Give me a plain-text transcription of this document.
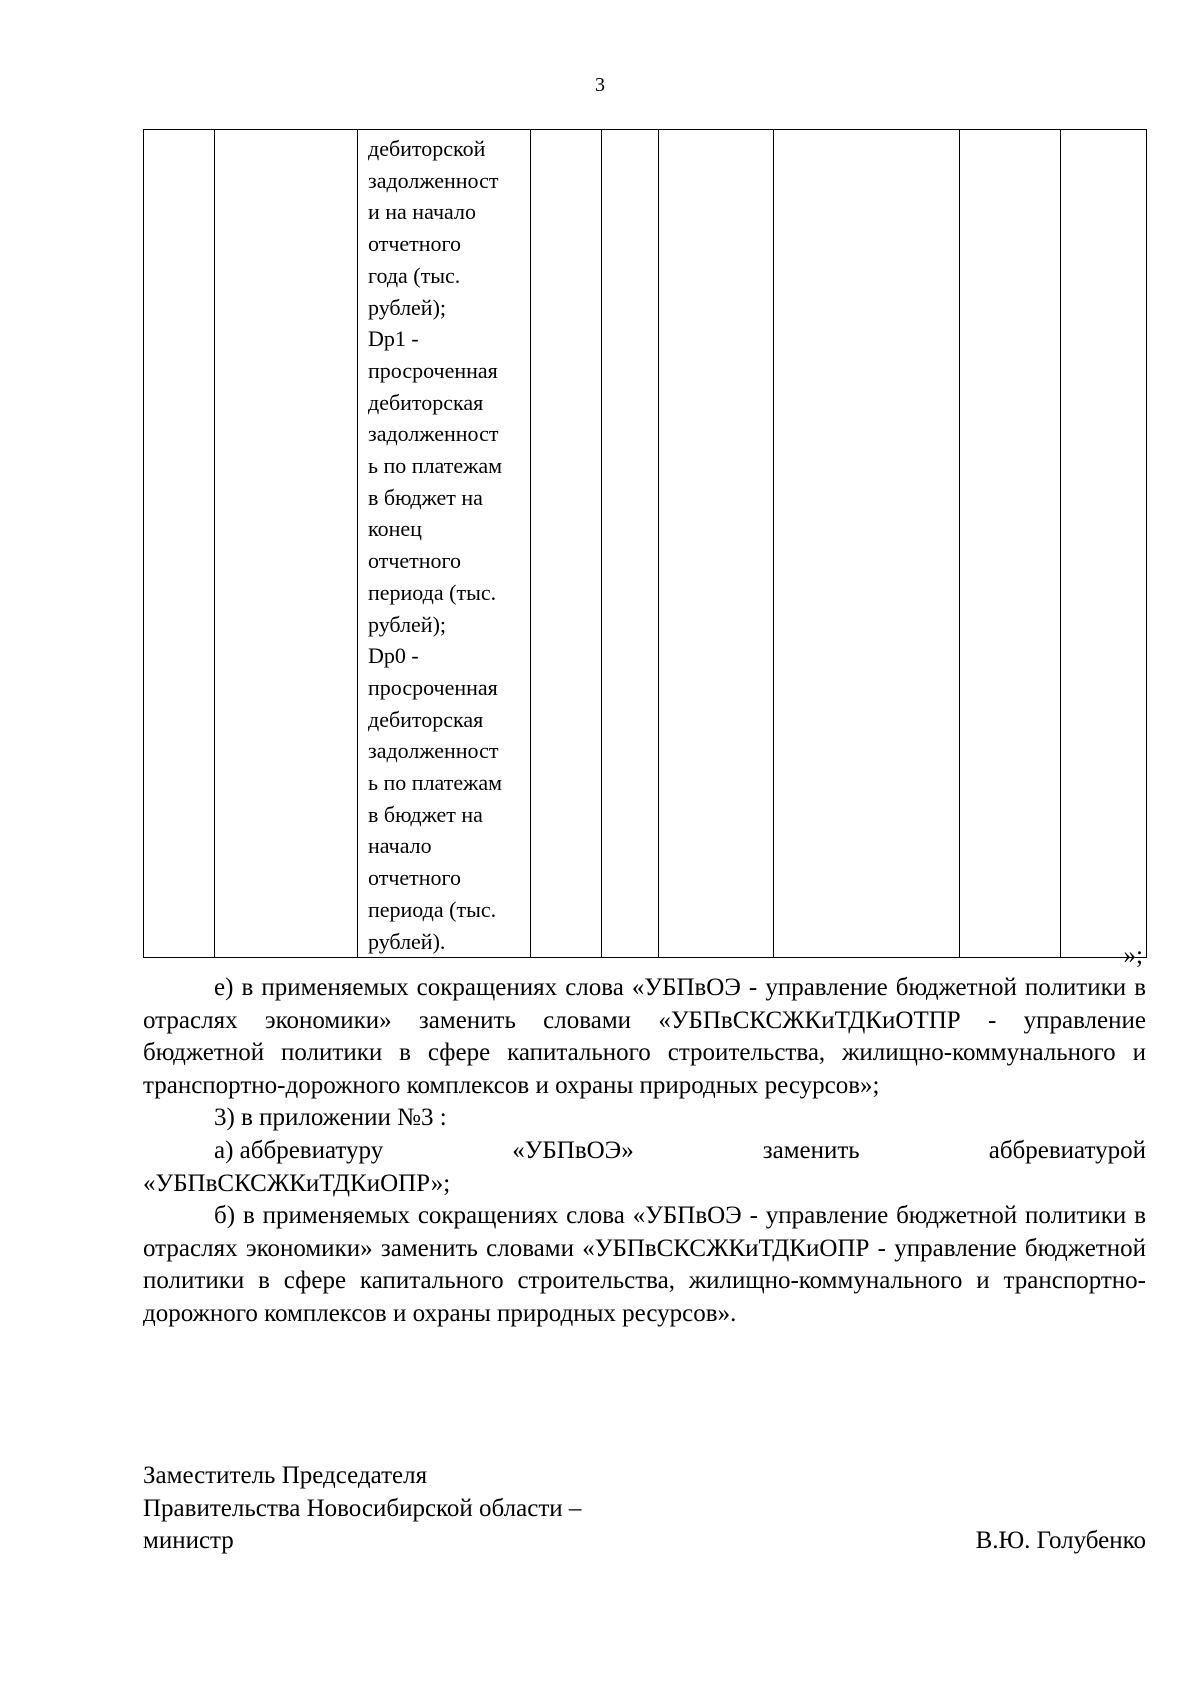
3

дебиторской
задолженност
и на начало
отчетного
года (тыс.
рублей);
Dp1 -
просроченная
дебиторская
задолженност
ь по платежам
в бюджет на
конец
отчетного
периода (тыс.
рублей);
Dp0 -
просроченная
дебиторская
задолженност
ь по платежам
в бюджет на
начало
отчетного
периода (тыс.
рублей).

»;

е) в применяемых сокращениях слова «УБПвОЭ - управление бюджетной политики в отраслях экономики» заменить словами «УБПвСКСЖКиТДКиОТПР - управление бюджетной политики в сфере капитального строительства, жилищно-коммунального и транспортно-дорожного комплексов и охраны природных ресурсов»;

3) в приложении №3 :

а) аббревиатуру	«УБПвОЭ»	заменить	аббревиатурой
«УБПвСКСЖКиТДКиОПР»;

б) в применяемых сокращениях слова «УБПвОЭ - управление бюджетной политики в отраслях экономики» заменить словами «УБПвСКСЖКиТДКиОПР - управление бюджетной политики в сфере капитального строительства, жилищно-коммунального и транспортно-дорожного комплексов и охраны природных ресурсов».

Заместитель Председателя
Правительства Новосибирской области –
министр	В.Ю. Голубенко
